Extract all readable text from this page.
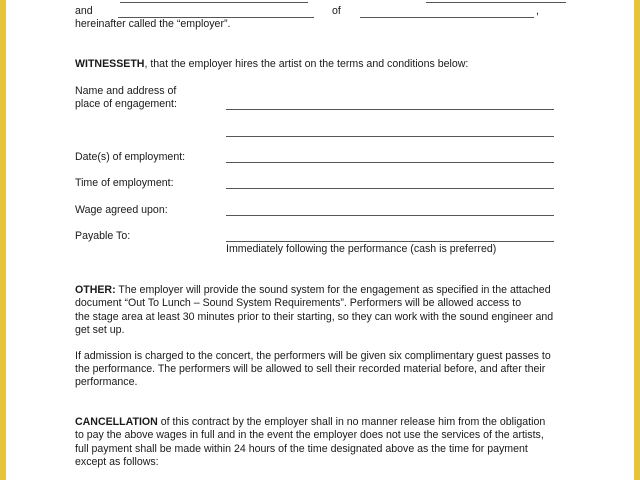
and	of	,
hereinafter called the “employer”.
WITNESSETH, that the employer hires the artist on the terms and conditions below:
Name and address of
place of engagement:
Date(s) of employment:
Time of employment:
Wage agreed upon:
Payable To:
Immediately following the performance (cash is preferred)
OTHER: The employer will provide the sound system for the engagement as specified in the attached
document “Out To Lunch – Sound System Requirements”. Performers will be allowed access to
the stage area at least 30 minutes prior to their starting, so they can work with the sound engineer and
get set up.
If admission is charged to the concert, the performers will be given six complimentary guest passes to
the performance. The performers will be allowed to sell their recorded material before, and after their
performance.
CANCELLATION of this contract by the employer shall in no manner release him from the obligation
to pay the above wages in full and in the event the employer does not use the services of the artists,
full payment shall be made within 24 hours of the time designated above as the time for payment
except as follows:
